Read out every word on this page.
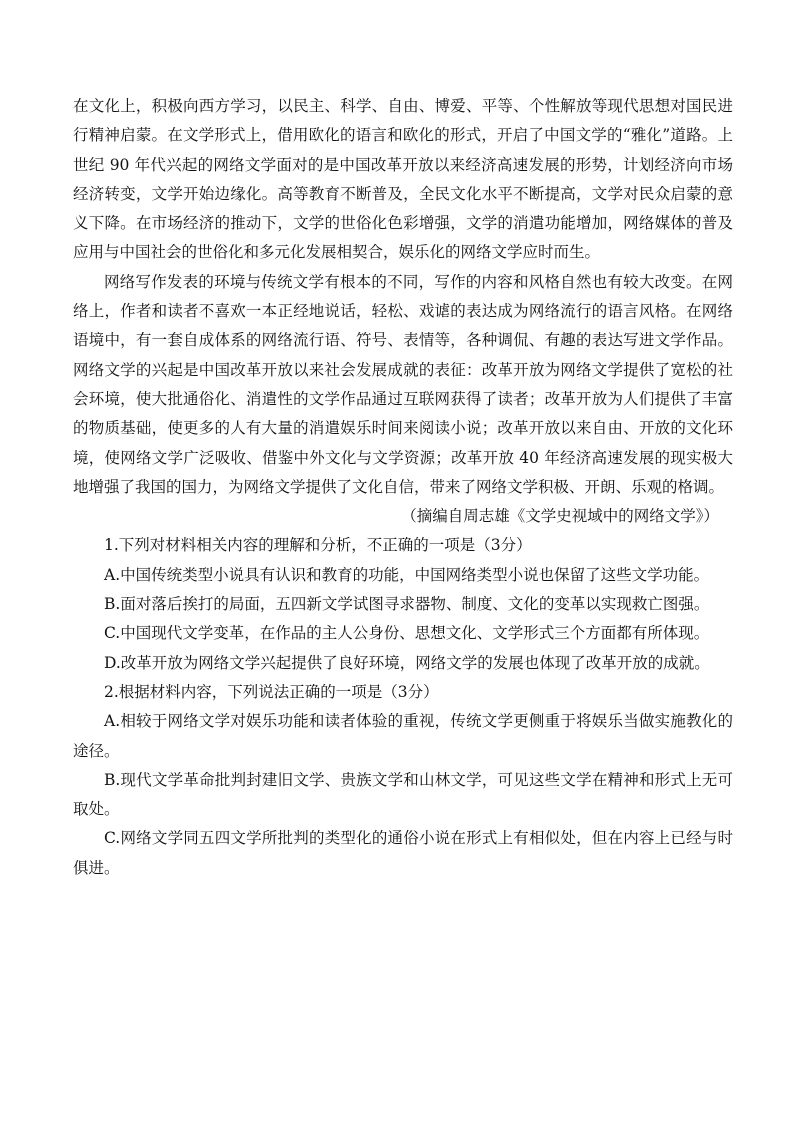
在文化上，积极向西方学习，以民主、科学、自由、博爱、平等、个性解放等现代思想对国民进行精神启蒙。在文学形式上，借用欧化的语言和欧化的形式，开启了中国文学的“雅化”道路。上世纪 90 年代兴起的网络文学面对的是中国改革开放以来经济高速发展的形势，计划经济向市场经济转变，文学开始边缘化。高等教育不断普及，全民文化水平不断提高，文学对民众启蒙的意义下降。在市场经济的推动下，文学的世俗化色彩增强，文学的消遣功能增加，网络媒体的普及应用与中国社会的世俗化和多元化发展相契合，娱乐化的网络文学应时而生。

网络写作发表的环境与传统文学有根本的不同，写作的内容和风格自然也有较大改变。在网络上，作者和读者不喜欢一本正经地说话，轻松、戏谑的表达成为网络流行的语言风格。在网络语境中，有一套自成体系的网络流行语、符号、表情等，各种调侃、有趣的表达写进文学作品。网络文学的兴起是中国改革开放以来社会发展成就的表征：改革开放为网络文学提供了宽松的社会环境，使大批通俗化、消遣性的文学作品通过互联网获得了读者；改革开放为人们提供了丰富的物质基础，使更多的人有大量的消遣娱乐时间来阅读小说；改革开放以来自由、开放的文化环境，使网络文学广泛吸收、借鉴中外文化与文学资源；改革开放 40 年经济高速发展的现实极大地增强了我国的国力，为网络文学提供了文化自信，带来了网络文学积极、开朗、乐观的格调。

（摘编自周志雄《文学史视域中的网络文学》）

1.下列对材料相关内容的理解和分析，不正确的一项是（3分）

A.中国传统类型小说具有认识和教育的功能，中国网络类型小说也保留了这些文学功能。

B.面对落后挨打的局面，五四新文学试图寻求器物、制度、文化的变革以实现救亡图强。

C.中国现代文学变革，在作品的主人公身份、思想文化、文学形式三个方面都有所体现。

D.改革开放为网络文学兴起提供了良好环境，网络文学的发展也体现了改革开放的成就。

2.根据材料内容，下列说法正确的一项是（3分）

A.相较于网络文学对娱乐功能和读者体验的重视，传统文学更侧重于将娱乐当做实施教化的途径。

B.现代文学革命批判封建旧文学、贵族文学和山林文学，可见这些文学在精神和形式上无可取处。

C.网络文学同五四文学所批判的类型化的通俗小说在形式上有相似处，但在内容上已经与时俱进。
